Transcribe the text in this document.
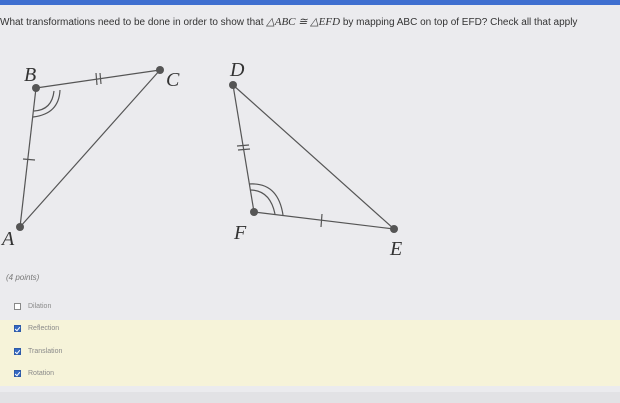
What transformations need to be done in order to show that △ABC ≅ △EFD by mapping ABC on top of EFD? Check all that apply
B	C
A
D
F
E
(4 points)
Dilation
Reflection
Translation
Rotation
